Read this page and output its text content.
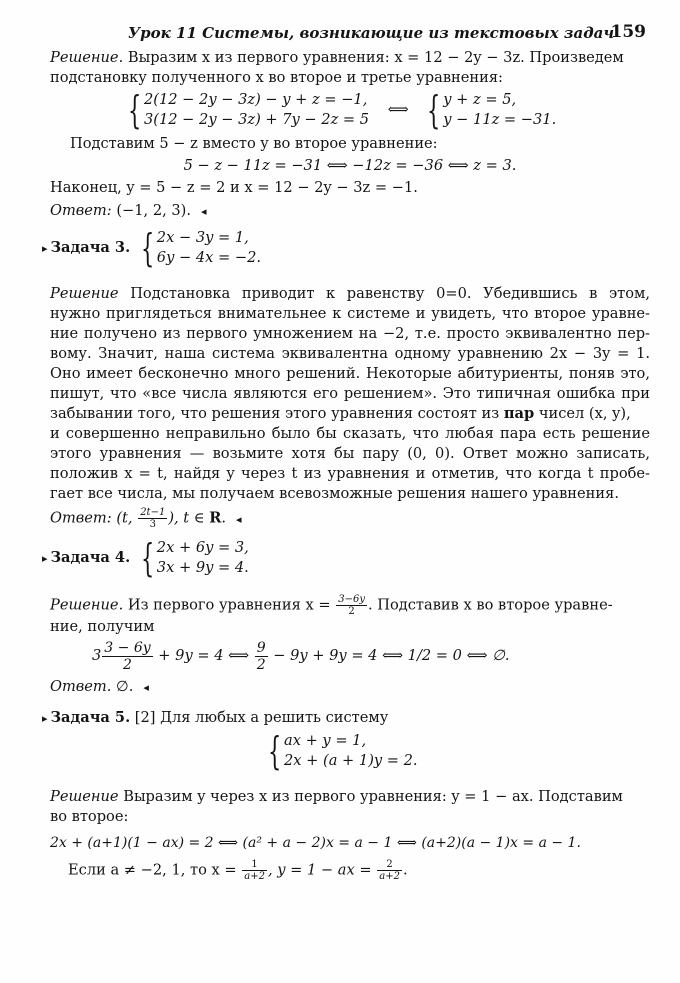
Урок 11 Системы, возникающие из текстовых задач
159
Решение. Выразим x из первого уравнения: x = 12 − 2y − 3z. Произведем
подстановку полученного x во второе и третье уравнения:
{ 2(12 − 2y − 3z) − y + z = −1,
3(12 − 2y − 3z) + 7y − 2z = 5
⟺ { y + z = 5,
y − 11z = −31.
Подставим 5 − z вместо y во второе уравнение:
5 − z − 11z = −31 ⟺ −12z = −36 ⟺ z = 3.
Наконец, y = 5 − z = 2 и x = 12 − 2y − 3z = −1.
Ответ: (−1, 2, 3). ◂
▸ Задача 3. { 2x − 3y = 1,
6y − 4x = −2.
Решение Подстановка приводит к равенству 0=0. Убедившись в этом,
нужно приглядеться внимательнее к системе и увидеть, что второе уравне-
ние получено из первого умножением на −2, т.е. просто эквивалентно пер-
вому. Значит, наша система эквивалентна одному уравнению 2x − 3y = 1.
Оно имеет бесконечно много решений. Некоторые абитуриенты, поняв это,
пишут, что «все числа являются его решением». Это типичная ошибка при
забывании того, что решения этого уравнения состоят из пар чисел (x, y),
и совершенно неправильно было бы сказать, что любая пара есть решение
этого уравнения — возьмите хотя бы пару (0, 0). Ответ можно записать,
положив x = t, найдя y через t из уравнения и отметив, что когда t пробе-
гает все числа, мы получаем всевозможные решения нашего уравнения.
Ответ: (t, $\frac{2t-1}{3}$ ), t ∈ R. ◂
▸ Задача 4. { 2x + 6y = 3,
3x + 9y = 4.
Решение. Из первого уравнения $x = \frac{3-6y}{2}$ . Подставив x во второе уравне-
ние, получим
$3 \frac{3 - 6y}{2} + 9y = 4$ ⟺ $\frac{9}{2} - 9y + 9y = 4$ ⟺ 1/2 = 0 ⟺ ∅.
Ответ. ∅. ◂
▸ Задача 5. [2] Для любых a решить систему
{ ax + y = 1,
2x + (a + 1)y = 2.
Решение Выразим y через x из первого уравнения: y = 1 − ax. Подставим
во второе:
2x + (a+1)(1 − ax) = 2 ⟺ (a² + a − 2)x = a − 1 ⟺ (a+2)(a − 1)x = a − 1.
Если a ≠ −2, 1, то $x = \frac{1}{a+2}$ , y = 1 − ax = $\frac{2}{a+2}$ .
